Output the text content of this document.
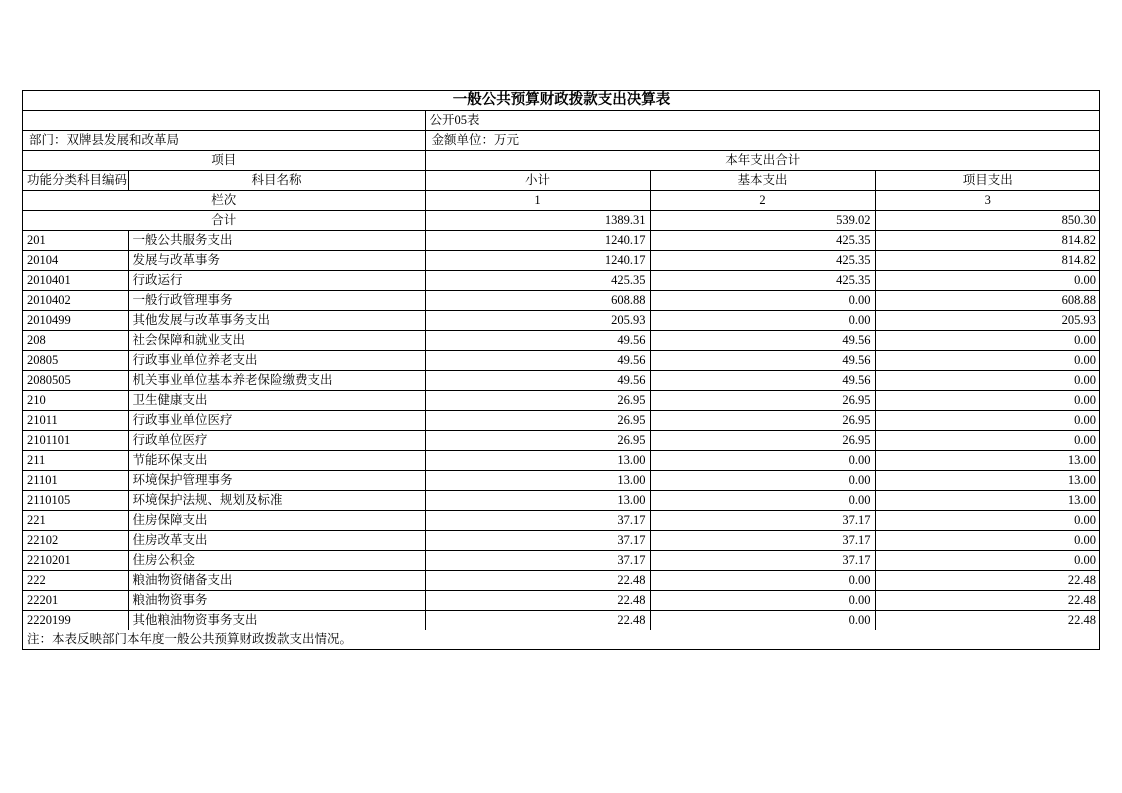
一般公共预算财政拨款支出决算表				
		公开05表		
部门：双牌县发展和改革局		金额单位：万元		
项目		本年支出合计		
功能分类科目编码	科目名称	小计	基本支出	项目支出
栏次		1	2	3
合计		1389.31	539.02	850.30
201	一般公共服务支出	1240.17	425.35	814.82
20104	发展与改革事务	1240.17	425.35	814.82
2010401	行政运行	425.35	425.35	0.00
2010402	一般行政管理事务	608.88	0.00	608.88
2010499	其他发展与改革事务支出	205.93	0.00	205.93
208	社会保障和就业支出	49.56	49.56	0.00
20805	行政事业单位养老支出	49.56	49.56	0.00
2080505	机关事业单位基本养老保险缴费支出	49.56	49.56	0.00
210	卫生健康支出	26.95	26.95	0.00
21011	行政事业单位医疗	26.95	26.95	0.00
2101101	行政单位医疗	26.95	26.95	0.00
211	节能环保支出	13.00	0.00	13.00
21101	环境保护管理事务	13.00	0.00	13.00
2110105	环境保护法规、规划及标准	13.00	0.00	13.00
221	住房保障支出	37.17	37.17	0.00
22102	住房改革支出	37.17	37.17	0.00
2210201	住房公积金	37.17	37.17	0.00
222	粮油物资储备支出	22.48	0.00	22.48
22201	粮油物资事务	22.48	0.00	22.48
2220199	其他粮油物资事务支出	22.48	0.00	22.48
注：本表反映部门本年度一般公共预算财政拨款支出情况。				
